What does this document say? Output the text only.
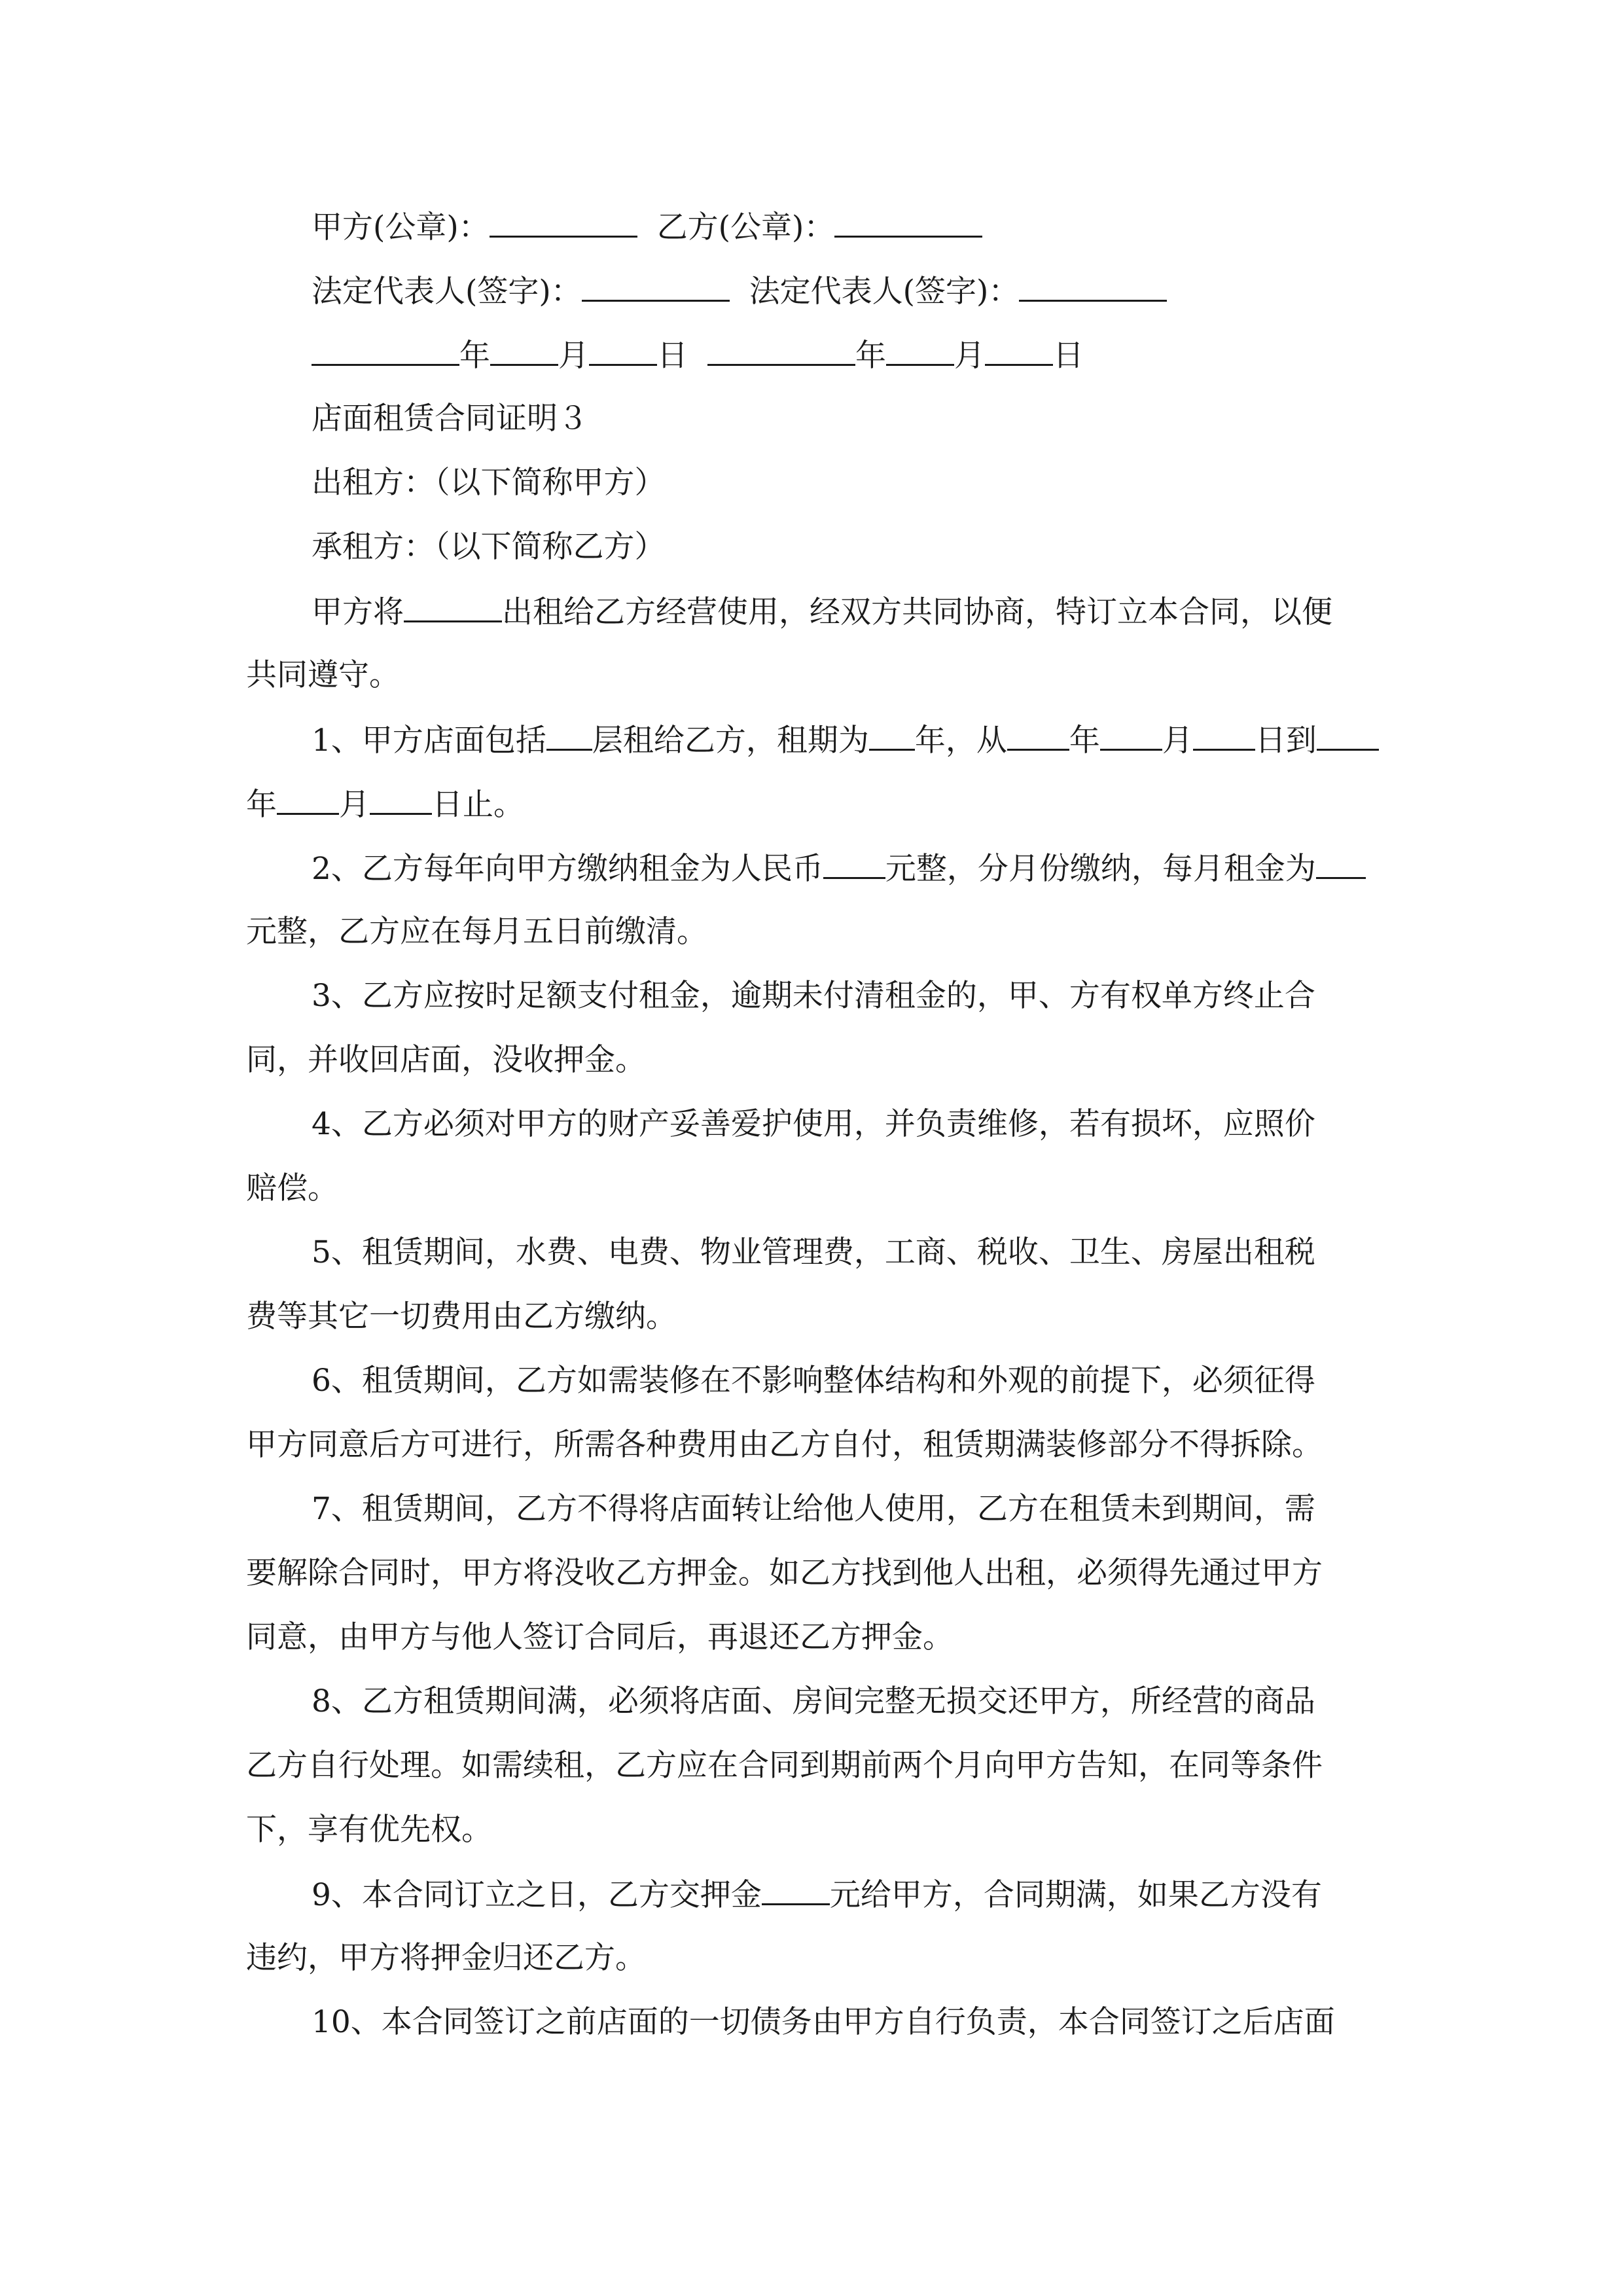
甲方(公章)：	乙方(公章)：
法定代表人(签字)：	法定代表人(签字)：
年 月 日	年 月 日
店面租赁合同证明３
出租方：（以下简称甲方）
承租方：（以下简称乙方）
甲方将	出租给乙方经营使用，经双方共同协商，特订立本合同，以便
共同遵守。
1、甲方店面包括 层租给乙方，租期为 年，从 年 月 日到
年 月 日止。
2、乙方每年向甲方缴纳租金为人民币 元整，分月份缴纳，每月租金为
元整，乙方应在每月五日前缴清。
3、乙方应按时足额支付租金，逾期未付清租金的，甲、方有权单方终止合
同，并收回店面，没收押金。
4、乙方必须对甲方的财产妥善爱护使用，并负责维修，若有损坏，应照价
赔偿。
5、租赁期间，水费、电费、物业管理费，工商、税收、卫生、房屋出租税
费等其它一切费用由乙方缴纳。
6、租赁期间，乙方如需装修在不影响整体结构和外观的前提下，必须征得
甲方同意后方可进行，所需各种费用由乙方自付，租赁期满装修部分不得拆除。
7、租赁期间，乙方不得将店面转让给他人使用，乙方在租赁未到期间，需
要解除合同时，甲方将没收乙方押金。如乙方找到他人出租，必须得先通过甲方
同意，由甲方与他人签订合同后，再退还乙方押金。
8、乙方租赁期间满，必须将店面、房间完整无损交还甲方，所经营的商品
乙方自行处理。如需续租，乙方应在合同到期前两个月向甲方告知，在同等条件
下，享有优先权。
9、本合同订立之日，乙方交押金 元给甲方，合同期满，如果乙方没有
违约，甲方将押金归还乙方。
10、本合同签订之前店面的一切债务由甲方自行负责，本合同签订之后店面
